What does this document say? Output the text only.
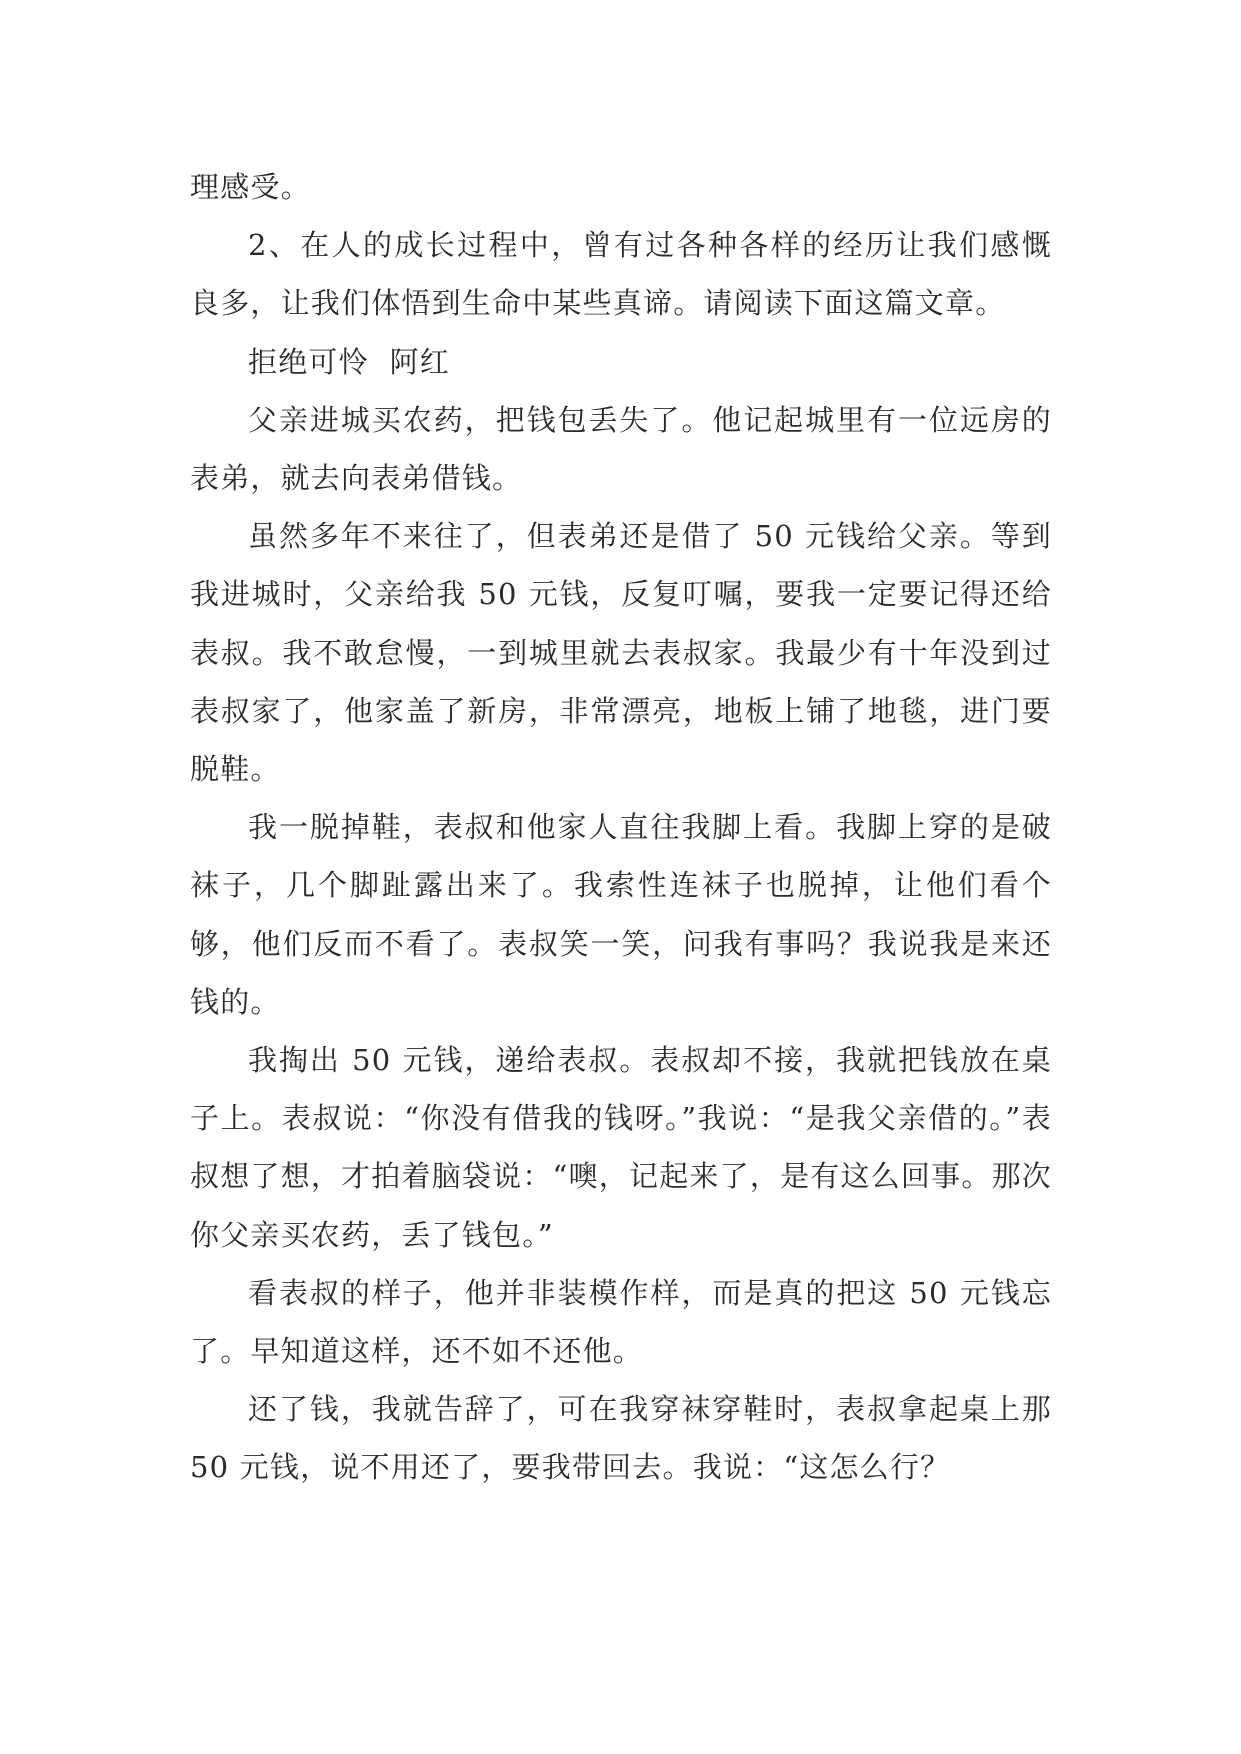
理感受。

2、在人的成长过程中，曾有过各种各样的经历让我们感慨良多，让我们体悟到生命中某些真谛。请阅读下面这篇文章。

拒绝可怜  阿红

父亲进城买农药，把钱包丢失了。他记起城里有一位远房的表弟，就去向表弟借钱。

虽然多年不来往了，但表弟还是借了 50 元钱给父亲。等到我进城时，父亲给我 50 元钱，反复叮嘱，要我一定要记得还给表叔。我不敢怠慢，一到城里就去表叔家。我最少有十年没到过表叔家了，他家盖了新房，非常漂亮，地板上铺了地毯，进门要脱鞋。

我一脱掉鞋，表叔和他家人直往我脚上看。我脚上穿的是破袜子，几个脚趾露出来了。我索性连袜子也脱掉，让他们看个够，他们反而不看了。表叔笑一笑，问我有事吗？我说我是来还钱的。

我掏出 50 元钱，递给表叔。表叔却不接，我就把钱放在桌子上。表叔说：“你没有借我的钱呀。”我说：“是我父亲借的。”表叔想了想，才拍着脑袋说：“噢，记起来了，是有这么回事。那次你父亲买农药，丢了钱包。”

看表叔的样子，他并非装模作样，而是真的把这 50 元钱忘了。早知道这样，还不如不还他。

还了钱，我就告辞了，可在我穿袜穿鞋时，表叔拿起桌上那 50 元钱，说不用还了，要我带回去。我说：“这怎么行？
